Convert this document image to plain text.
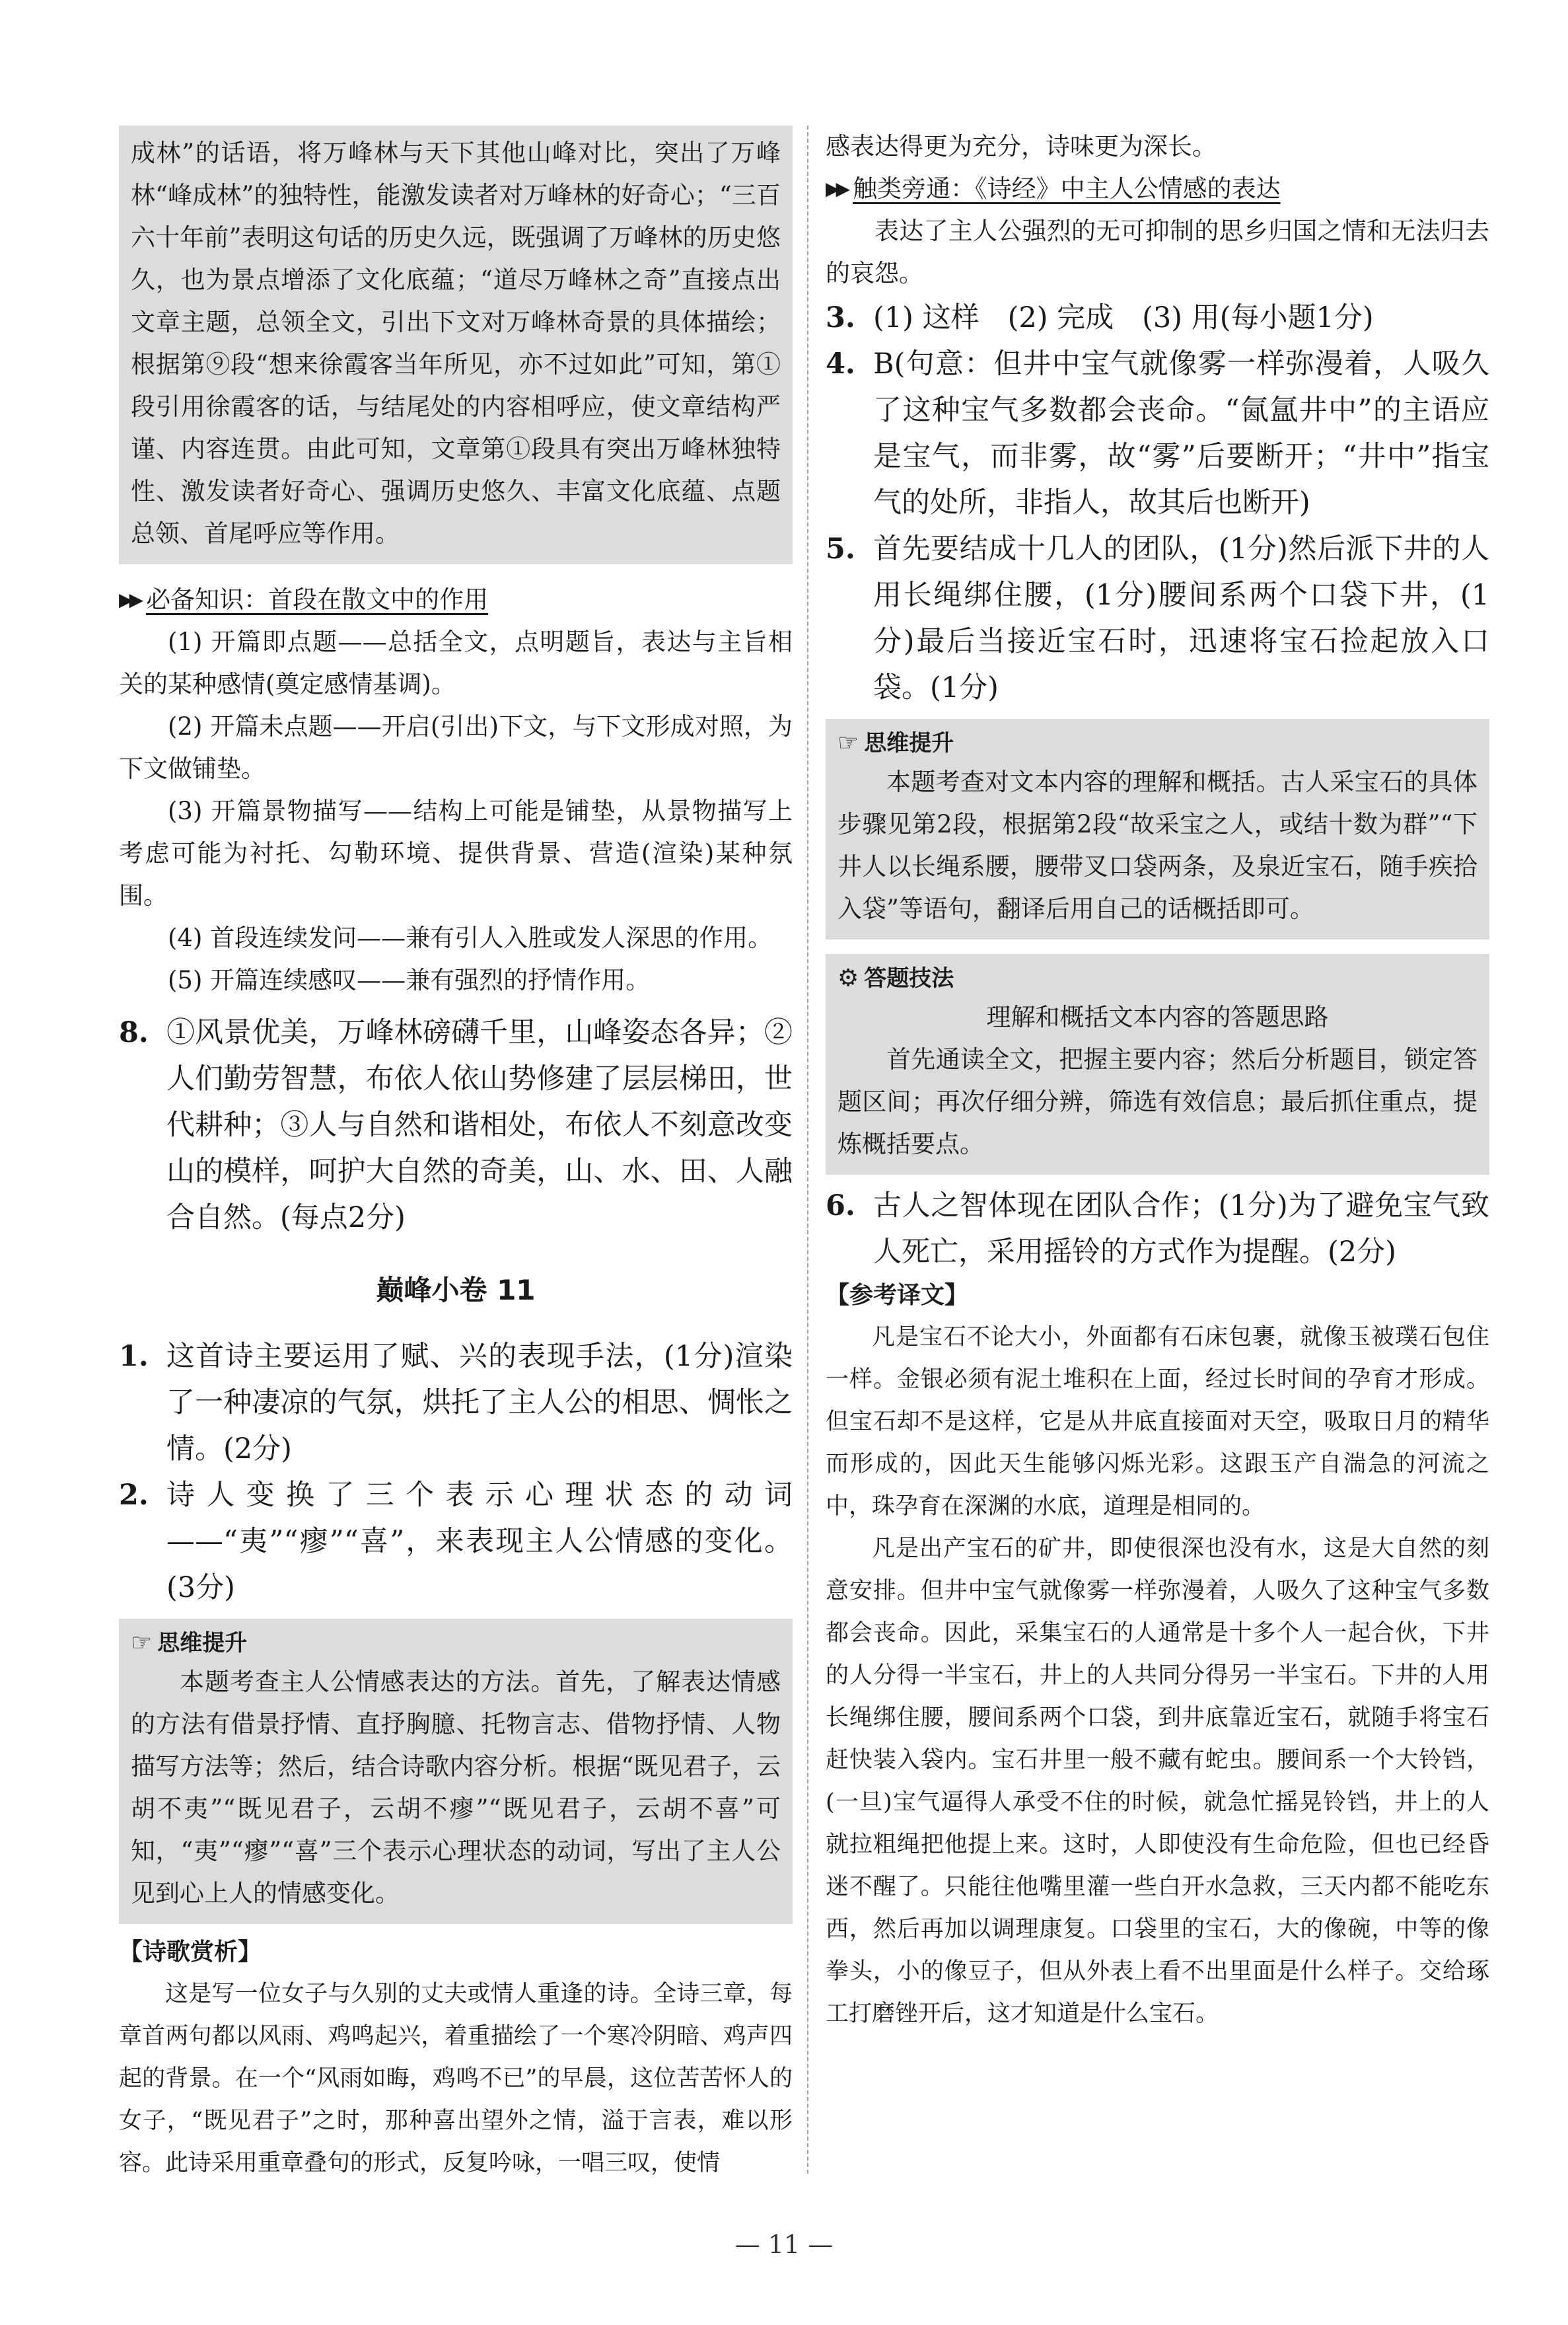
成林”的话语，将万峰林与天下其他山峰对比，突出了万峰林“峰成林”的独特性，能激发读者对万峰林的好奇心；“三百六十年前”表明这句话的历史久远，既强调了万峰林的历史悠久，也为景点增添了文化底蕴；“道尽万峰林之奇”直接点出文章主题，总领全文，引出下文对万峰林奇景的具体描绘；根据第⑨段“想来徐霞客当年所见，亦不过如此”可知，第①段引用徐霞客的话，与结尾处的内容相呼应，使文章结构严谨、内容连贯。由此可知，文章第①段具有突出万峰林独特性、激发读者好奇心、强调历史悠久、丰富文化底蕴、点题总领、首尾呼应等作用。

▶▶ 必备知识：首段在散文中的作用

(1) 开篇即点题——总括全文，点明题旨，表达与主旨相关的某种感情(奠定感情基调)。

(2) 开篇未点题——开启(引出)下文，与下文形成对照，为下文做铺垫。

(3) 开篇景物描写——结构上可能是铺垫，从景物描写上考虑可能为衬托、勾勒环境、提供背景、营造(渲染)某种氛围。

(4) 首段连续发问——兼有引人入胜或发人深思的作用。

(5) 开篇连续感叹——兼有强烈的抒情作用。

8. ①风景优美，万峰林磅礴千里，山峰姿态各异；②人们勤劳智慧，布依人依山势修建了层层梯田，世代耕种；③人与自然和谐相处，布依人不刻意改变山的模样，呵护大自然的奇美，山、水、田、人融合自然。(每点2分)
巅峰小卷 11
1. 这首诗主要运用了赋、兴的表现手法，(1分)渲染了一种凄凉的气氛，烘托了主人公的相思、惆怅之情。(2分)
2. 诗人变换了三个表示心理状态的动词——“夷”“瘳”“喜”，来表现主人公情感的变化。(3分)
☞ 思维提升

本题考查主人公情感表达的方法。首先，了解表达情感的方法有借景抒情、直抒胸臆、托物言志、借物抒情、人物描写方法等；然后，结合诗歌内容分析。根据“既见君子，云胡不夷”“既见君子，云胡不瘳”“既见君子，云胡不喜”可知，“夷”“瘳”“喜”三个表示心理状态的动词，写出了主人公见到心上人的情感变化。

【诗歌赏析】

这是写一位女子与久别的丈夫或情人重逢的诗。全诗三章，每章首两句都以风雨、鸡鸣起兴，着重描绘了一个寒冷阴暗、鸡声四起的背景。在一个“风雨如晦，鸡鸣不已”的早晨，这位苦苦怀人的女子，“既见君子”之时，那种喜出望外之情，溢于言表，难以形容。此诗采用重章叠句的形式，反复吟咏，一唱三叹，使情

感表达得更为充分，诗味更为深长。

▶▶ 触类旁通：《诗经》中主人公情感的表达

表达了主人公强烈的无可抑制的思乡归国之情和无法归去的哀怨。

3. (1) 这样　(2) 完成　(3) 用(每小题1分)
4. B(句意：但井中宝气就像雾一样弥漫着，人吸久了这种宝气多数都会丧命。“氤氲井中”的主语应是宝气，而非雾，故“雾”后要断开；“井中”指宝气的处所，非指人，故其后也断开)
5. 首先要结成十几人的团队，(1分)然后派下井的人用长绳绑住腰，(1分)腰间系两个口袋下井，(1分)最后当接近宝石时，迅速将宝石捡起放入口袋。(1分)
☞ 思维提升

本题考查对文本内容的理解和概括。古人采宝石的具体步骤见第2段，根据第2段“故采宝之人，或结十数为群”“下井人以长绳系腰，腰带叉口袋两条，及泉近宝石，随手疾拾入袋”等语句，翻译后用自己的话概括即可。

⚙ 答题技法

理解和概括文本内容的答题思路

首先通读全文，把握主要内容；然后分析题目，锁定答题区间；再次仔细分辨，筛选有效信息；最后抓住重点，提炼概括要点。

6. 古人之智体现在团队合作；(1分)为了避免宝气致人死亡，采用摇铃的方式作为提醒。(2分)
【参考译文】

凡是宝石不论大小，外面都有石床包裹，就像玉被璞石包住一样。金银必须有泥土堆积在上面，经过长时间的孕育才形成。但宝石却不是这样，它是从井底直接面对天空，吸取日月的精华而形成的，因此天生能够闪烁光彩。这跟玉产自湍急的河流之中，珠孕育在深渊的水底，道理是相同的。

凡是出产宝石的矿井，即使很深也没有水，这是大自然的刻意安排。但井中宝气就像雾一样弥漫着，人吸久了这种宝气多数都会丧命。因此，采集宝石的人通常是十多个人一起合伙，下井的人分得一半宝石，井上的人共同分得另一半宝石。下井的人用长绳绑住腰，腰间系两个口袋，到井底靠近宝石，就随手将宝石赶快装入袋内。宝石井里一般不藏有蛇虫。腰间系一个大铃铛，(一旦)宝气逼得人承受不住的时候，就急忙摇晃铃铛，井上的人就拉粗绳把他提上来。这时，人即使没有生命危险，但也已经昏迷不醒了。只能往他嘴里灌一些白开水急救，三天内都不能吃东西，然后再加以调理康复。口袋里的宝石，大的像碗，中等的像拳头，小的像豆子，但从外表上看不出里面是什么样子。交给琢工打磨锉开后，这才知道是什么宝石。

— 11 —
